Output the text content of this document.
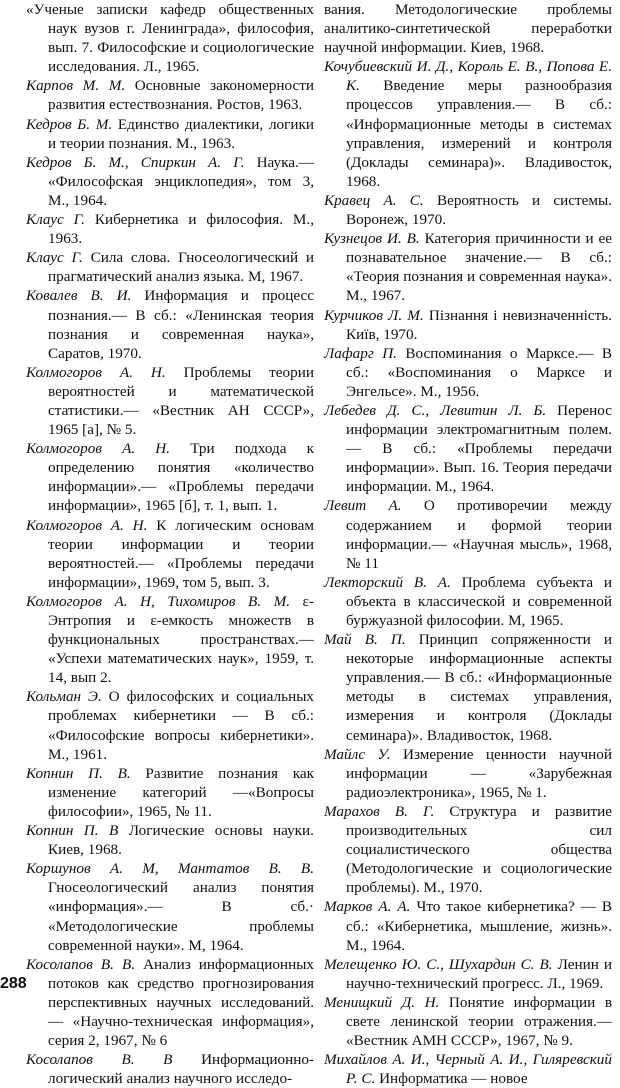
«Ученые записки кафедр общественных наук вузов г. Ленинграда», философия, вып. 7. Философские и социологические исследования. Л., 1965.
Карпов М. М. Основные закономерности развития естествознания. Ростов, 1963.
Кедров Б. М. Единство диалектики, логики и теории познания. М., 1963.
Кедров Б. М., Спиркин А. Г. Наука.— «Философская энциклопедия», том 3, М., 1964.
Клаус Г. Кибернетика и философия. М., 1963.
Клаус Г. Сила слова. Гносеологический и прагматический анализ языка. М, 1967.
Ковалев В. И. Информация и процесс познания.— В сб.: «Ленинская теория познания и современная наука», Саратов, 1970.
Колмогоров А. Н. Проблемы теории вероятностей и математической статистики.— «Вестник АН СССР», 1965 [а], № 5.
Колмогоров А. Н. Три подхода к определению понятия «количество информации».— «Проблемы передачи информации», 1965 [б], т. 1, вып. 1.
Колмогоров А. Н. К логическим основам теории информации и теории вероятностей.— «Проблемы передачи информации», 1969, том 5, вып. 3.
Колмогоров А. Н, Тихомиров В. М. ε-Энтропия и ε-емкость множеств в функциональных пространствах.— «Успехи математических наук», 1959, т. 14, вып 2.
Кольман Э. О философских и социальных проблемах кибернетики — В сб.: «Философские вопросы кибернетики». М., 1961.
Копнин П. В. Развитие познания как изменение категорий —«Вопросы философии», 1965, № 11.
Копнин П. В Логические основы науки. Киев, 1968.
Коршунов А. М, Мантатов В. В. Гносеологический анализ понятия «информация».— В сб.· «Методологические проблемы современной науки». М, 1964.
Косолапов В. В. Анализ информационных потоков как средство прогнозирования перспективных научных исследований. — «Научно-техническая информация», серия 2, 1967, № 6
Косолапов В. В Информационно-логический анализ научного исследо-
вания. Методологические проблемы аналитико-синтетической переработки научной информации. Киев, 1968.
Кочубиевский И. Д., Король Е. В., Попова Е. К. Введение меры разнообразия процессов управления.— В сб.: «Информационные методы в системах управления, измерений и контроля (Доклады семинара)». Владивосток, 1968.
Кравец А. С. Вероятность и системы. Воронеж, 1970.
Кузнецов И. В. Категория причинности и ее познавательное значение.— В сб.: «Теория познания и современная наука». М., 1967.
Курчиков Л. М. Пізнання і невизначенність. Київ, 1970.
Лафарг П. Воспоминания о Марксе.— В сб.: «Воспоминания о Марксе и Энгельсе». М., 1956.
Лебедев Д. С., Левитин Л. Б. Перенос информации электромагнитным полем.— В сб.: «Проблемы передачи информации». Вып. 16. Теория передачи информации. М., 1964.
Левит А. О противоречии между содержанием и формой теории информации.— «Научная мысль», 1968, № 11
Лекторский В. А. Проблема субъекта и объекта в классической и современной буржуазной философии. М, 1965.
Май В. П. Принцип сопряженности и некоторые информационные аспекты управления.— В сб.: «Информационные методы в системах управления, измерения и контроля (Доклады семинара)». Владивосток, 1968.
Майлс У. Измерение ценности научной информации — «Зарубежная радиоэлектроника», 1965, № 1.
Марахов В. Г. Структура и развитие производительных сил социалистического общества (Методологические и социологические проблемы). М., 1970.
Марков А. А. Что такое кибернетика? — В сб.: «Кибернетика, мышление, жизнь». М., 1964.
Мелещенко Ю. С., Шухардин С. В. Ленин и научно-технический прогресс. Л., 1969.
Менищкий Д. Н. Понятие информации в свете ленинской теории отражения.— «Вестник АМН СССР», 1967, № 9.
Михайлов А. И., Черный А. И., Гиляревский Р. С. Информатика — новое
288
